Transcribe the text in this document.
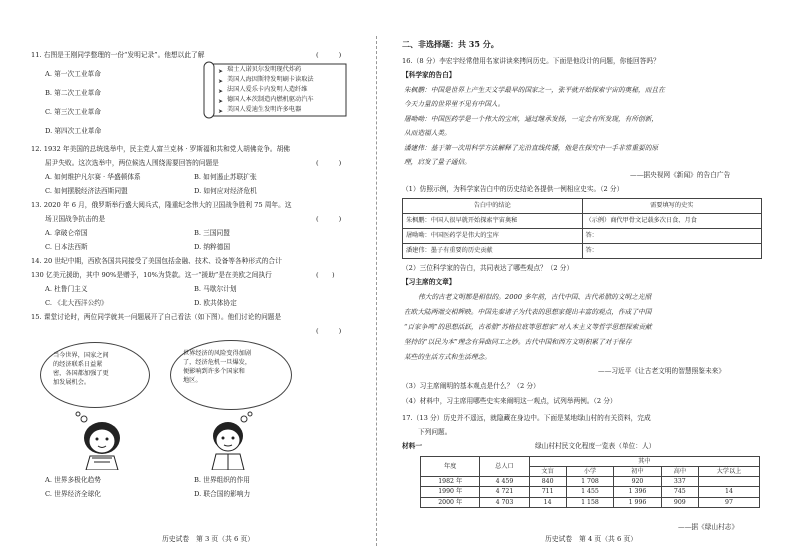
11. 右图是王刚同学整理的一份“发明记录”。他想以此了解	(　　　)
A. 第一次工业革命
B. 第二次工业革命
C. 第三次工业革命
D. 第四次工业革命
➤
➤
➤
➤
➤
瑞士人诺贝尔发明现代炸药
美国人海因斯特发明刷卡读取法
法国人爱乐卡内发明人造纤维
德国人本茨制造内燃机驱动汽车
美国人爱迪生发明许多电器
12. 1932 年美国的总统选举中，民主党人富兰克林 · 罗斯福和共和党人胡佛竞争。胡佛
屈尹失败。这次选举中，两位候选人围绕需要回答的问题是	(　　　)
A. 如何维护凡尔赛 · 华盛顿体系	B. 如何遏止苏联扩张
C. 如何摆脱经济法西斯同盟	D. 如何应对经济危机
13. 2020 年 6 月，俄罗斯举行盛大阅兵式，隆重纪念伟大的卫国战争胜利 75 周年。这
场卫国战争抗击的是	(　　　)
A. 拿破仑帝国	B. 三国同盟
C. 日本法西斯	D. 纳粹德国
14. 20 世纪中期，西欧各国共同接受了美国包括金融、技术、设备等各种形式的合计
130 亿美元援助，其中 90%是赠予，10%为贷款。这一“援助”是在美欧之间执行	(　　)
A. 杜鲁门主义	B. 马歇尔计划
C. 《北大西洋公约》	D. 欧共体协定
15. 课堂讨论时，两位同学就其一问题展开了自己看法（如下图）。他们讨论的问题是
(　　　)
当今世界，国家之间
的经济联系日益紧
密，各国都加强了更
加发展机会。
世界经济的风险变得加剧
了，经济危机一旦爆发，
便影响到许多个国家和
地区。
A. 世界多极化趋势	B. 世界组织的作用
C. 世界经济全球化	D. 联合国的影响力
历史试卷　第 3 页（共 6 页）
二、非选择题：共 35 分。
16.（8 分）李宏宇经常借用名家讲读来拷问历史。下面是他设计的问题，你能回答吗？
【科学家的告白】
朱枫鹏：中国是世界上产生天文学最早的国家之一，张平就开始探索宇宙的奥秘，而且在
今天力量的世界里不见有中国人。
屠呦呦：中国医药学是一个伟大的宝库，通过继承发扬，一定会有所发现，有所创新，
从而造福人类。
潘建伟：基于第一次用科学方法解释了光沿直线传播，他是在探究中一手非常重要的原
理，启发了量子通信。
——据央视网《新闻》的告白广告
（1）仿照示例，为科学家告白中的历史结论各提供一例相应史实。（2 分）
告白中的结论	需要填写的史实
朱枫鹏：中国人很早就开始探索宇宙奥秘	（示例）商代甲骨文记载多次日食、月食
屠呦呦：中国医药学是伟大的宝库	答：
潘建伟：墨子有重要的历史贡献	答：
（2）三位科学家的告白，共同表达了哪些观点？（2 分）
【习主席的文章】
伟大的古老文明都是相似的。2000 多年前，古代中国、古代希腊的文明之光照
在欧大陆两端交相辉映。中国先秦诸子为代表的思想家提出丰富的观点，作成了中国
“百家争鸣”的思想活跃，古希腊“苏格拉底等思想家”对人本主义等哲学思想探索贡献
坚持的“以民为本”理念有异曲同工之妙。古代中国和西方文明积累了对于保存
某些的生活方式和生活理念。
——习近平《让古老文明的智慧照鉴未来》
（3）习主席阐明的基本观点是什么？（2 分）
（4）材料中，习主席用哪些史实来阐明这一观点，试列举两例。（2 分）
17.（13 分）历史并不遥远，就隐藏在身边中。下面是某地绿山村的有关资料，完成
下列问题。
材料一	绿山村村民文化程度一览表（单位：人）
年度	总人口	其中				
		文盲	小学	初中	高中	大学以上
1982 年	4 459	840	1 708	920	337	
1990 年	4 721	711	1 455	1 396	745	14
2000 年	4 703	14	1 158	1 996	909	97
——据《绿山村志》
历史试卷　第 4 页（共 6 页）
